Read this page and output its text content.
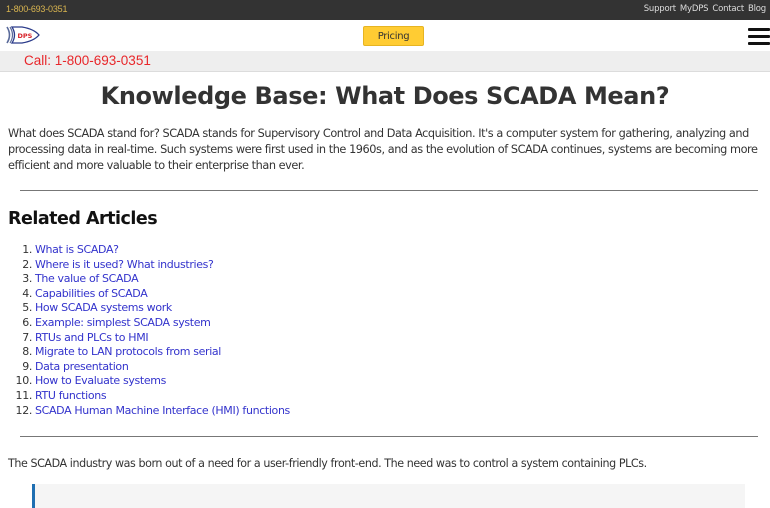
1-800-693-0351	Support MyDPS Contact Blog
DPS	Pricing
Call: 1-800-693-0351
Knowledge Base: What Does SCADA Mean?

What does SCADA stand for? SCADA stands for Supervisory Control and Data Acquisition. It's a computer system for gathering, analyzing and processing data in real-time. Such systems were first used in the 1960s, and as the evolution of SCADA continues, systems are becoming more efficient and more valuable to their enterprise than ever.

Related Articles
1. What is SCADA?
2. Where is it used? What industries?
3. The value of SCADA
4. Capabilities of SCADA
5. How SCADA systems work
6. Example: simplest SCADA system
7. RTUs and PLCs to HMI
8. Migrate to LAN protocols from serial
9. Data presentation
10. How to Evaluate systems
11. RTU functions
12. SCADA Human Machine Interface (HMI) functions

The SCADA industry was born out of a need for a user-friendly front-end. The need was to control a system containing PLCs.
